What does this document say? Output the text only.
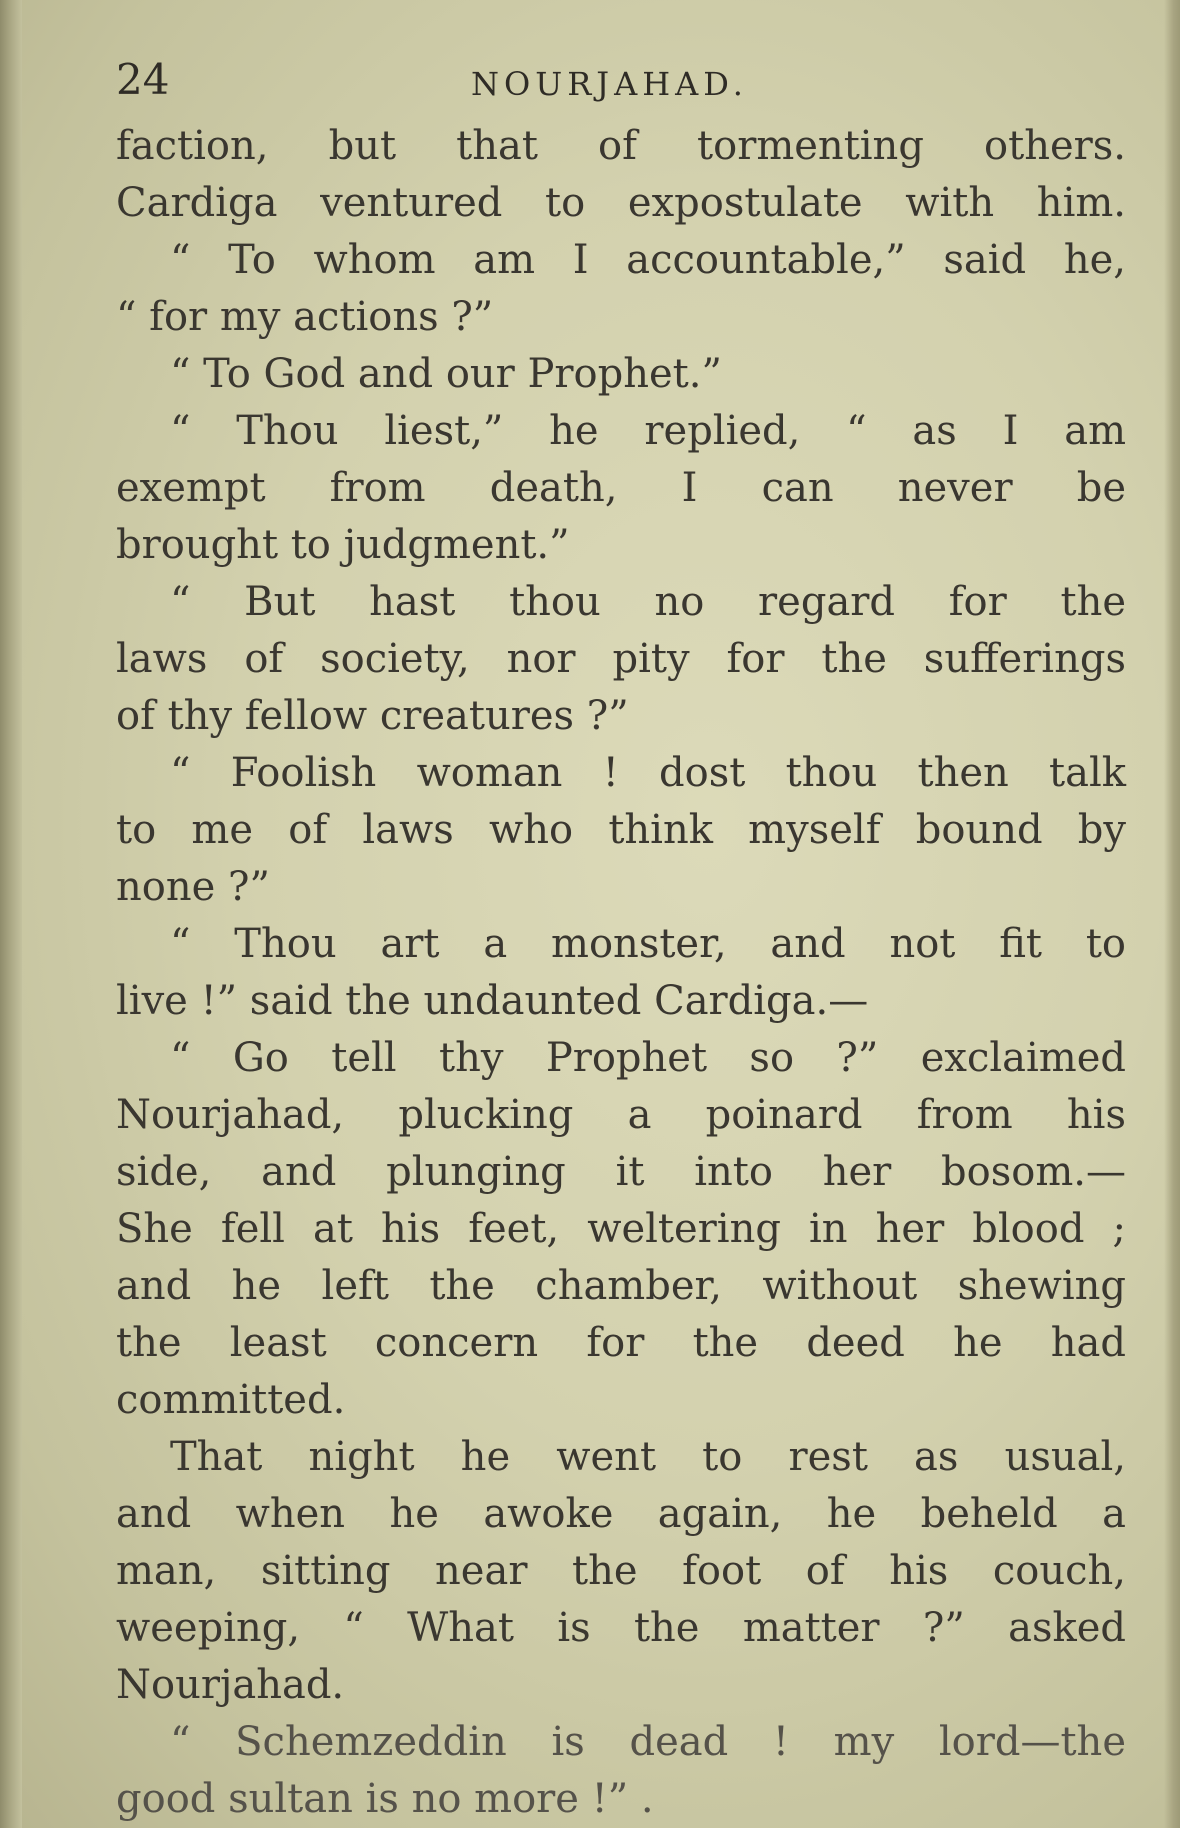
24	NOURJAHAD.
faction, but that of tormenting others.
Cardiga ventured to expostulate with him.
“ To whom am I accountable,” said he,
“ for my actions ?”
“ To God and our Prophet.”
“ Thou liest,” he replied, “ as I am
exempt from death, I can never be
brought to judgment.”
“ But hast thou no regard for the
laws of society, nor pity for the sufferings
of thy fellow creatures ?”
“ Foolish woman ! dost thou then talk
to me of laws who think myself bound by
none ?”
“ Thou art a monster, and not fit to
live !” said the undaunted Cardiga.—
“ Go tell thy Prophet so ?” exclaimed
Nourjahad, plucking a poinard from his
side, and plunging it into her bosom.—
She fell at his feet, weltering in her blood ;
and he left the chamber, without shewing
the least concern for the deed he had
committed.
That night he went to rest as usual,
and when he awoke again, he beheld a
man, sitting near the foot of his couch,
weeping, “ What is the matter ?” asked
Nourjahad.
“ Schemzeddin is dead ! my lord—the
good sultan is no more !” .
